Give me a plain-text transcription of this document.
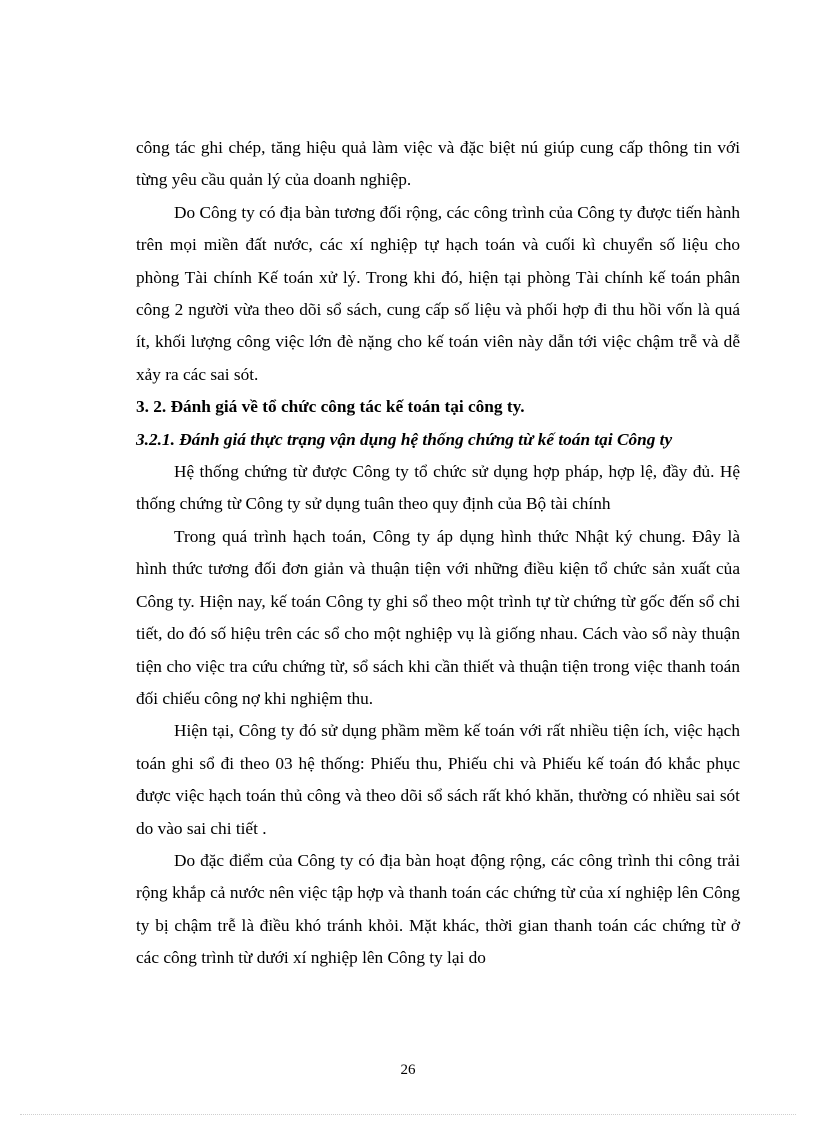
công tác ghi chép, tăng hiệu quả làm việc và đặc biệt nú giúp cung cấp thông tin với từng yêu cầu quản lý của doanh nghiệp.

Do Công ty có địa bàn tương đối rộng, các công trình của Công ty được tiến hành trên mọi miền đất nước, các xí nghiệp tự hạch toán và cuối kì chuyển số liệu cho phòng Tài chính Kế toán xử lý. Trong khi đó, hiện tại phòng Tài chính kế toán phân công 2 người vừa theo dõi sổ sách, cung cấp số liệu và phối hợp đi thu hồi vốn là quá ít, khối lượng công việc lớn đè nặng cho kế toán viên này dẫn tới việc chậm trễ và dễ xảy ra các sai sót.

3. 2. Đánh giá về tổ chức công tác kế toán tại công ty.

3.2.1. Đánh giá thực trạng vận dụng hệ thống chứng từ kế toán tại Công ty

Hệ thống chứng từ được Công ty tổ chức sử dụng hợp pháp, hợp lệ, đầy đủ. Hệ thống chứng từ Công ty sử dụng tuân theo quy định của Bộ tài chính

Trong quá trình hạch toán, Công ty áp dụng hình thức Nhật ký chung. Đây là hình thức tương đối đơn giản và thuận tiện với những điều kiện tổ chức sản xuất của Công ty. Hiện nay, kế toán Công ty ghi sổ theo một trình tự từ chứng từ gốc đến sổ chi tiết, do đó số hiệu trên các sổ cho một nghiệp vụ là giống nhau. Cách vào sổ này thuận tiện cho việc tra cứu chứng từ, sổ sách khi cần thiết và thuận tiện trong việc thanh toán đối chiếu công nợ khi nghiệm thu.

Hiện tại, Công ty đó sử dụng phầm mềm kế toán với rất nhiều tiện ích, việc hạch toán ghi sổ đi theo 03 hệ thống: Phiếu thu, Phiếu chi và Phiếu kế toán đó khắc phục được việc hạch toán thủ công và theo dõi sổ sách rất khó khăn, thường có nhiều sai sót do vào sai chi tiết .

Do đặc điểm của Công ty có địa bàn hoạt động rộng, các công trình thi công trải rộng khắp cả nước nên việc tập hợp và thanh toán các chứng từ của xí nghiệp lên Công ty bị chậm trễ là điều khó tránh khỏi. Mặt khác, thời gian thanh toán các chứng từ ở các công trình từ dưới xí nghiệp lên Công ty lại do

26
